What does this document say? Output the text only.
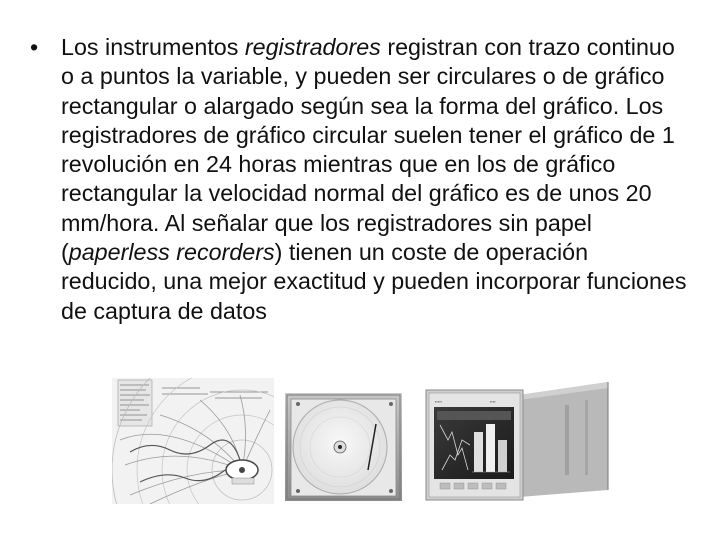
• Los instrumentos registradores registran con trazo continuo o a puntos la variable, y pueden ser circulares o de gráfico rectangular o alargado según sea la forma del gráfico. Los registradores de gráfico circular suelen tener el gráfico de 1 revolución en 24 horas mientras que en los de gráfico rectangular la velocidad normal del gráfico es de unos 20 mm/hora. Al señalar que los registradores sin papel (paperless recorders) tienen un coste de operación reducido, una mejor exactitud y pueden incorporar funciones de captura de datos
▪▪▪▪▪	▪▪▪▪
